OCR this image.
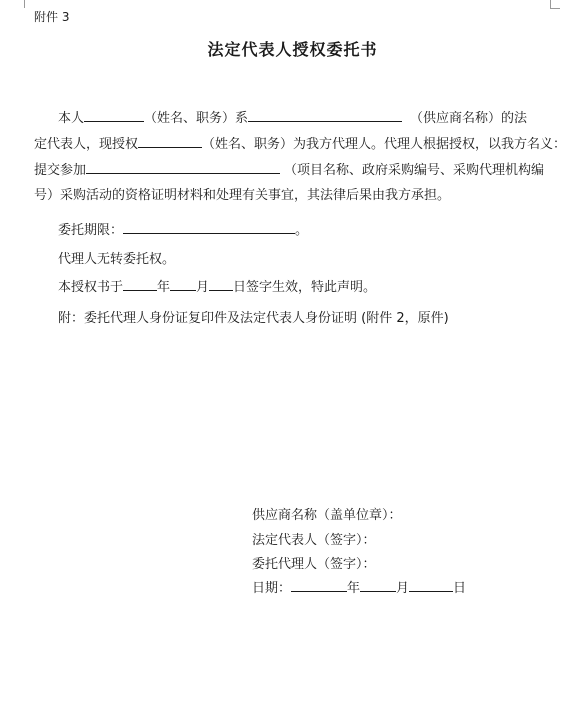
附件 3
法定代表人授权委托书
本人	（姓名、职务）系	（供应商名称）的法
定代表人，现授权	（姓名、职务）为我方代理人。代理人根据授权，以我方名义：
提交参加	（项目名称、政府采购编号、采购代理机构编
号）采购活动的资格证明材料和处理有关事宜，其法律后果由我方承担。
委托期限：	。
代理人无转委托权。
本授权书于	年 月 日签字生效，特此声明。
附：委托代理人身份证复印件及法定代表人身份证明 (附件 2，原件)
供应商名称（盖单位章）：
法定代表人（签字）：
委托代理人（签字）：
日期：	年	月	日
